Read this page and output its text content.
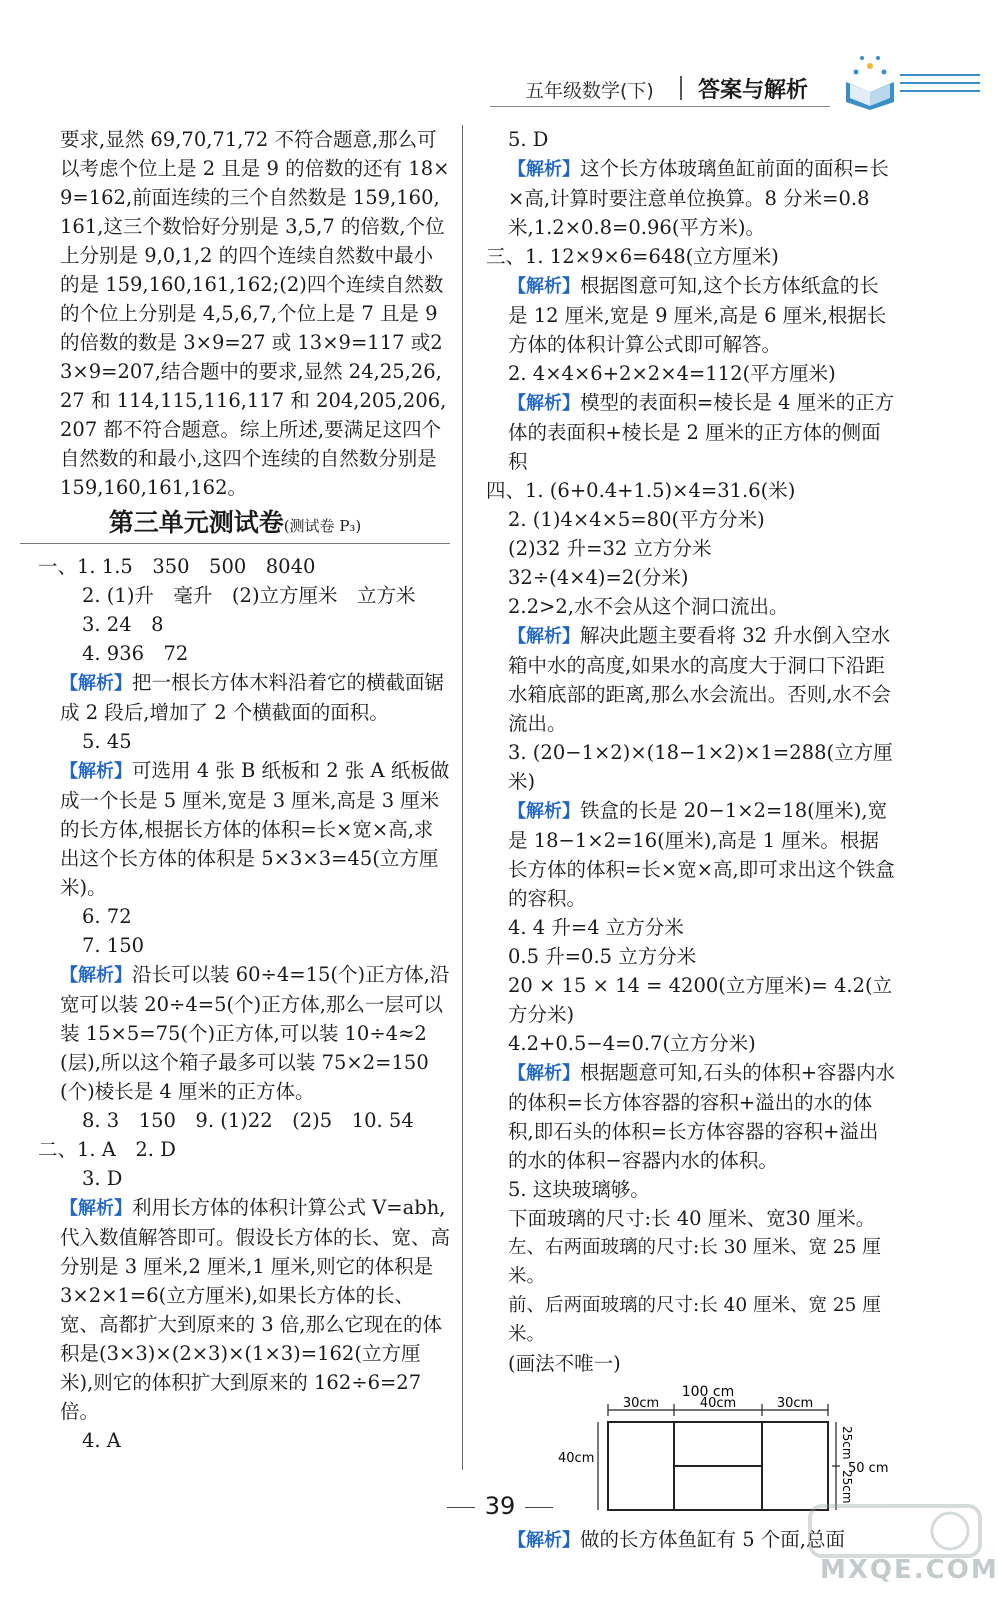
五年级数学(下) 答案与解析

要求,显然 69,70,71,72 不符合题意,那么可以考虑个位上是 2 且是 9 的倍数的还有 18×9=162,前面连续的三个自然数是 159,160,161,这三个数恰好分别是 3,5,7 的倍数,个位上分别是 9,0,1,2 的四个连续自然数中最小的是 159,160,161,162;(2)四个连续自然数的个位上分别是 4,5,6,7,个位上是 7 且是 9 的倍数的数是 3×9=27 或 13×9=117 或23×9=207,结合题中的要求,显然 24,25,26,27 和 114,115,116,117 和 204,205,206,207 都不符合题意。综上所述,要满足这四个自然数的和最小,这四个连续的自然数分别是 159,160,161,162。

第三单元测试卷(测试卷 P₃)

一、1. 1.5　350　500　8040

2. (1)升　毫升　(2)立方厘米　立方米

3. 24　8

4. 936　72

【解析】把一根长方体木料沿着它的横截面锯成 2 段后,增加了 2 个横截面的面积。

5. 45

【解析】可选用 4 张 B 纸板和 2 张 A 纸板做成一个长是 5 厘米,宽是 3 厘米,高是 3 厘米的长方体,根据长方体的体积=长×宽×高,求出这个长方体的体积是 5×3×3=45(立方厘米)。

6. 72

7. 150

【解析】沿长可以装 60÷4=15(个)正方体,沿宽可以装 20÷4=5(个)正方体,那么一层可以装 15×5=75(个)正方体,可以装 10÷4≈2(层),所以这个箱子最多可以装 75×2=150(个)棱长是 4 厘米的正方体。

8. 3　150　9. (1)22　(2)5　10. 54

二、1. A　2. D

3. D

【解析】利用长方体的体积计算公式 V=abh,代入数值解答即可。假设长方体的长、宽、高分别是 3 厘米,2 厘米,1 厘米,则它的体积是 3×2×1=6(立方厘米),如果长方体的长、宽、高都扩大到原来的 3 倍,那么它现在的体积是(3×3)×(2×3)×(1×3)=162(立方厘米),则它的体积扩大到原来的 162÷6=27 倍。

4. A

5. D

【解析】这个长方体玻璃鱼缸前面的面积=长×高,计算时要注意单位换算。8 分米=0.8 米,1.2×0.8=0.96(平方米)。

三、1. 12×9×6=648(立方厘米)

【解析】根据图意可知,这个长方体纸盒的长是 12 厘米,宽是 9 厘米,高是 6 厘米,根据长方体的体积计算公式即可解答。

2. 4×4×6+2×2×4=112(平方厘米)

【解析】模型的表面积=棱长是 4 厘米的正方体的表面积+棱长是 2 厘米的正方体的侧面积

四、1. (6+0.4+1.5)×4=31.6(米)

2. (1)4×4×5=80(平方分米)

(2)32 升=32 立方分米

32÷(4×4)=2(分米)

2.2>2,水不会从这个洞口流出。

【解析】解决此题主要看将 32 升水倒入空水箱中水的高度,如果水的高度大于洞口下沿距水箱底部的距离,那么水会流出。否则,水不会流出。

3. (20−1×2)×(18−1×2)×1=288(立方厘米)

【解析】铁盒的长是 20−1×2=18(厘米),宽是 18−1×2=16(厘米),高是 1 厘米。根据长方体的体积=长×宽×高,即可求出这个铁盒的容积。

4. 4 升=4 立方分米

0.5 升=0.5 立方分米

20 × 15 × 14 = 4200(立方厘米)= 4.2(立方分米)

4.2+0.5−4=0.7(立方分米)

【解析】根据题意可知,石头的体积+容器内水的体积=长方体容器的容积+溢出的水的体积,即石头的体积=长方体容器的容积+溢出的水的体积−容器内水的体积。

5. 这块玻璃够。

下面玻璃的尺寸:长 40 厘米、宽30 厘米。

左、右两面玻璃的尺寸:长 30 厘米、宽 25 厘米。

前、后两面玻璃的尺寸:长 40 厘米、宽 25 厘米。

(画法不唯一)

100 cm
30cm	40cm	30cm
40cm	25cm
25cm
50 cm

【解析】做的长方体鱼缸有 5 个面,总面

39
MXQE.COM
